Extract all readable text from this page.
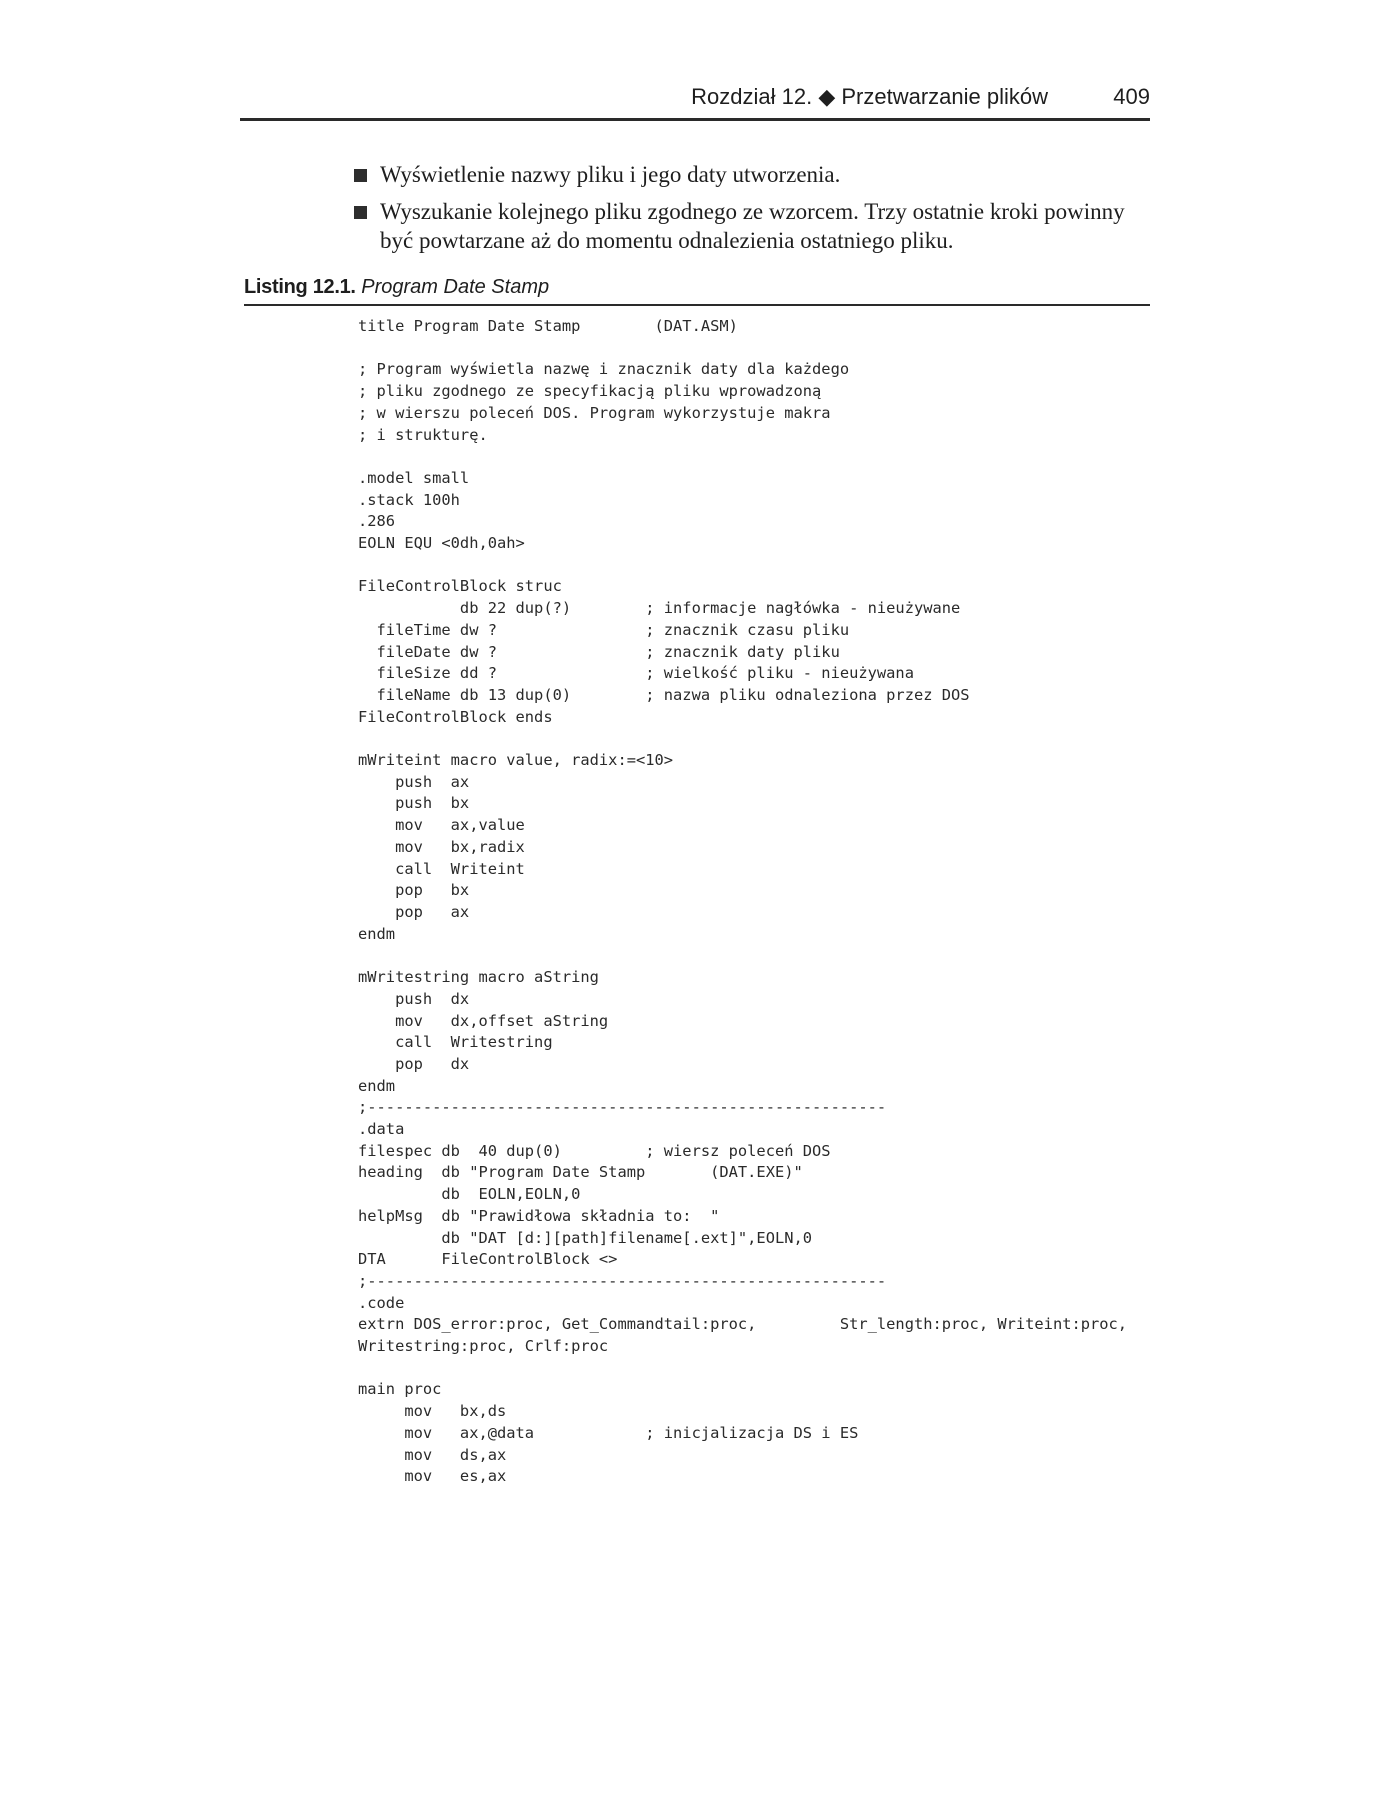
Rozdział 12. ◆ Przetwarzanie plików	409
Wyświetlenie nazwy pliku i jego daty utworzenia.
Wyszukanie kolejnego pliku zgodnego ze wzorcem. Trzy ostatnie kroki powinny być powtarzane aż do momentu odnalezienia ostatniego pliku.
Listing 12.1. Program Date Stamp
title Program Date Stamp        (DAT.ASM)

; Program wyświetla nazwę i znacznik daty dla każdego
; pliku zgodnego ze specyfikacją pliku wprowadzoną
; w wierszu poleceń DOS. Program wykorzystuje makra
; i strukturę.

.model small
.stack 100h
.286
EOLN EQU <0dh,0ah>

FileControlBlock struc
db 22 dup(?)        ; informacje nagłówka - nieużywane
fileTime dw ?                ; znacznik czasu pliku
fileDate dw ?                ; znacznik daty pliku
fileSize dd ?                ; wielkość pliku - nieużywana
fileName db 13 dup(0)        ; nazwa pliku odnaleziona przez DOS
FileControlBlock ends

mWriteint macro value, radix:=<10>
push  ax
push  bx
mov   ax,value
mov   bx,radix
call  Writeint
pop   bx
pop   ax
endm

mWritestring macro aString
push  dx
mov   dx,offset aString
call  Writestring
pop   dx
endm
;--------------------------------------------------------
.data
filespec db  40 dup(0)         ; wiersz poleceń DOS
heading  db "Program Date Stamp       (DAT.EXE)"
db  EOLN,EOLN,0
helpMsg  db "Prawidłowa składnia to:  "
db "DAT [d:][path]filename[.ext]",EOLN,0
DTA      FileControlBlock <>
;--------------------------------------------------------
.code
extrn DOS_error:proc, Get_Commandtail:proc,         Str_length:proc, Writeint:proc,
Writestring:proc, Crlf:proc

main proc
mov   bx,ds
mov   ax,@data            ; inicjalizacja DS i ES
mov   ds,ax
mov   es,ax
